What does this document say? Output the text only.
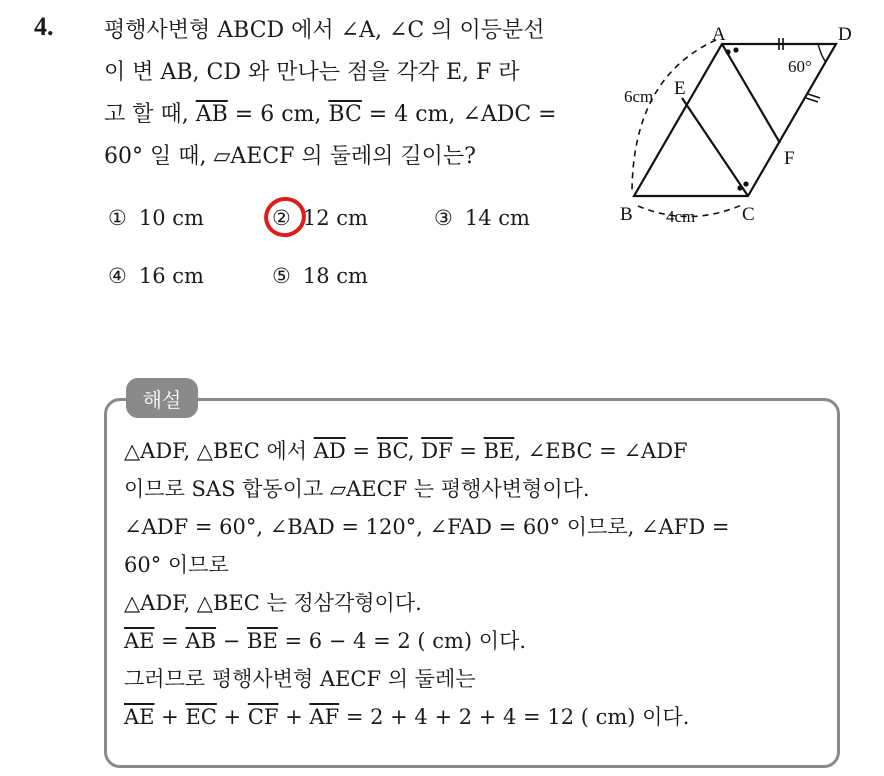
4. 평행사변형 ABCD 에서 ∠A, ∠C 의 이등분선
이 변 AB, CD 와 만나는 점을 각각 E, F 라
고 할 때, $\overline{AB} = 6$ cm, $\overline{BC} = 4$ cm, ∠ADC =
60° 일 때, ▱AECF 의 둘레의 길이는?
① 10 cm	② 12 cm	③ 14 cm
④ 16 cm	⑤ 18 cm
A	D
E
F
B	C
60°
6cm
4cm
해설
△ADF, △BEC 에서 $\overline{AD} = \overline{BC}$, $\overline{DF} = \overline{BE}$, ∠EBC = ∠ADF
이므로 SAS 합동이고 ▱AECF 는 평행사변형이다.
∠ADF = 60°, ∠BAD = 120°, ∠FAD = 60° 이므로, ∠AFD =
60° 이므로
△ADF, △BEC 는 정삼각형이다.
$\overline{AE} = \overline{AB} - \overline{BE} = 6 - 4 = 2$ ( cm) 이다.
그러므로 평행사변형 AECF 의 둘레는
$\overline{AE} + \overline{EC} + \overline{CF} + \overline{AF} = 2 + 4 + 2 + 4 = 12$ ( cm) 이다.
